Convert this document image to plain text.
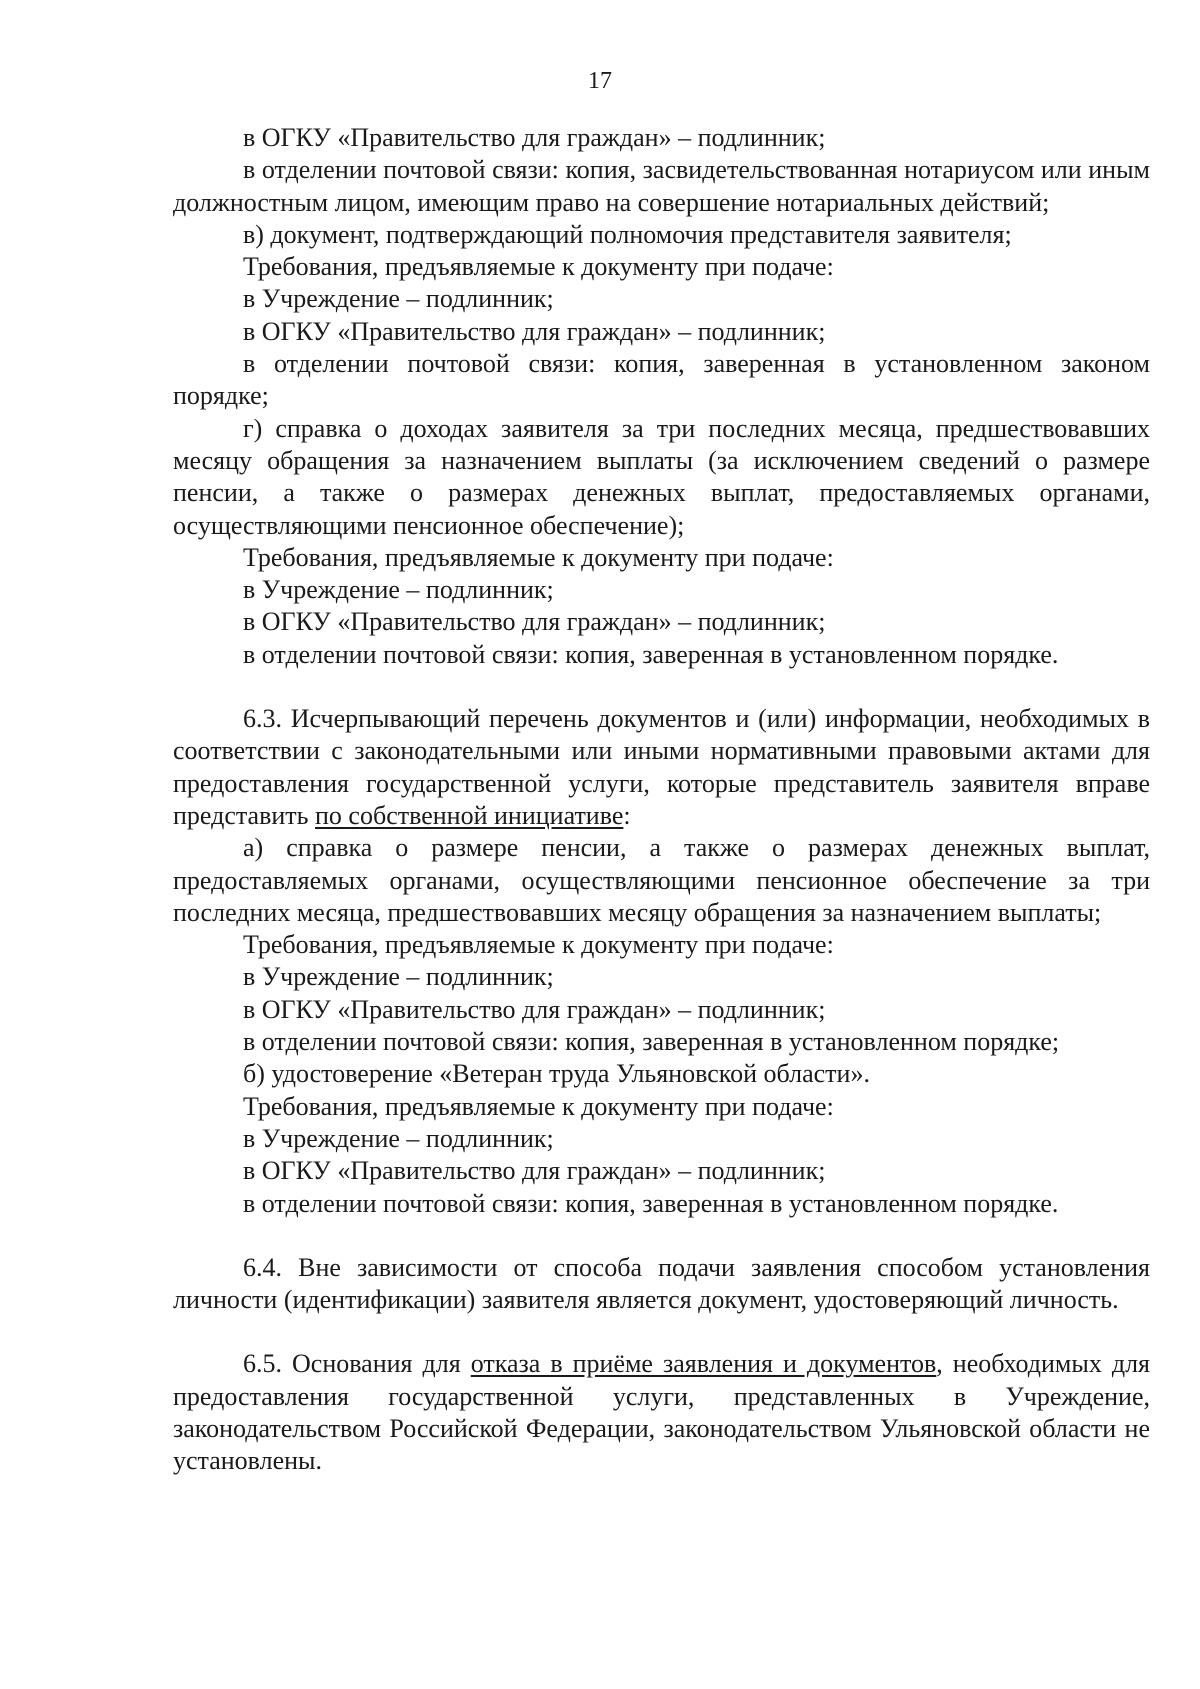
17

в ОГКУ «Правительство для граждан» – подлинник;

в отделении почтовой связи: копия, засвидетельствованная нотариусом или иным должностным лицом, имеющим право на совершение нотариальных действий;

в) документ, подтверждающий полномочия представителя заявителя;

Требования, предъявляемые к документу при подаче:

в Учреждение – подлинник;

в ОГКУ «Правительство для граждан» – подлинник;

в отделении почтовой связи: копия, заверенная в установленном законом порядке;

г) справка о доходах заявителя за три последних месяца, предшествовавших месяцу обращения за назначением выплаты (за исключением сведений о размере пенсии, а также о размерах денежных выплат, предоставляемых органами, осуществляющими пенсионное обеспечение);

Требования, предъявляемые к документу при подаче:

в Учреждение – подлинник;

в ОГКУ «Правительство для граждан» – подлинник;

в отделении почтовой связи: копия, заверенная в установленном порядке.

6.3. Исчерпывающий перечень документов и (или) информации, необходимых в соответствии с законодательными или иными нормативными правовыми актами для предоставления государственной услуги, которые представитель заявителя вправе представить по собственной инициативе:

а) справка о размере пенсии, а также о размерах денежных выплат, предоставляемых органами, осуществляющими пенсионное обеспечение за три последних месяца, предшествовавших месяцу обращения за назначением выплаты;

Требования, предъявляемые к документу при подаче:

в Учреждение – подлинник;

в ОГКУ «Правительство для граждан» – подлинник;

в отделении почтовой связи: копия, заверенная в установленном порядке;

б) удостоверение «Ветеран труда Ульяновской области».

Требования, предъявляемые к документу при подаче:

в Учреждение – подлинник;

в ОГКУ «Правительство для граждан» – подлинник;

в отделении почтовой связи: копия, заверенная в установленном порядке.

6.4. Вне зависимости от способа подачи заявления способом установления личности (идентификации) заявителя является документ, удостоверяющий личность.

6.5. Основания для отказа в приёме заявления и документов, необходимых для предоставления государственной услуги, представленных в Учреждение, законодательством Российской Федерации, законодательством Ульяновской области не установлены.
